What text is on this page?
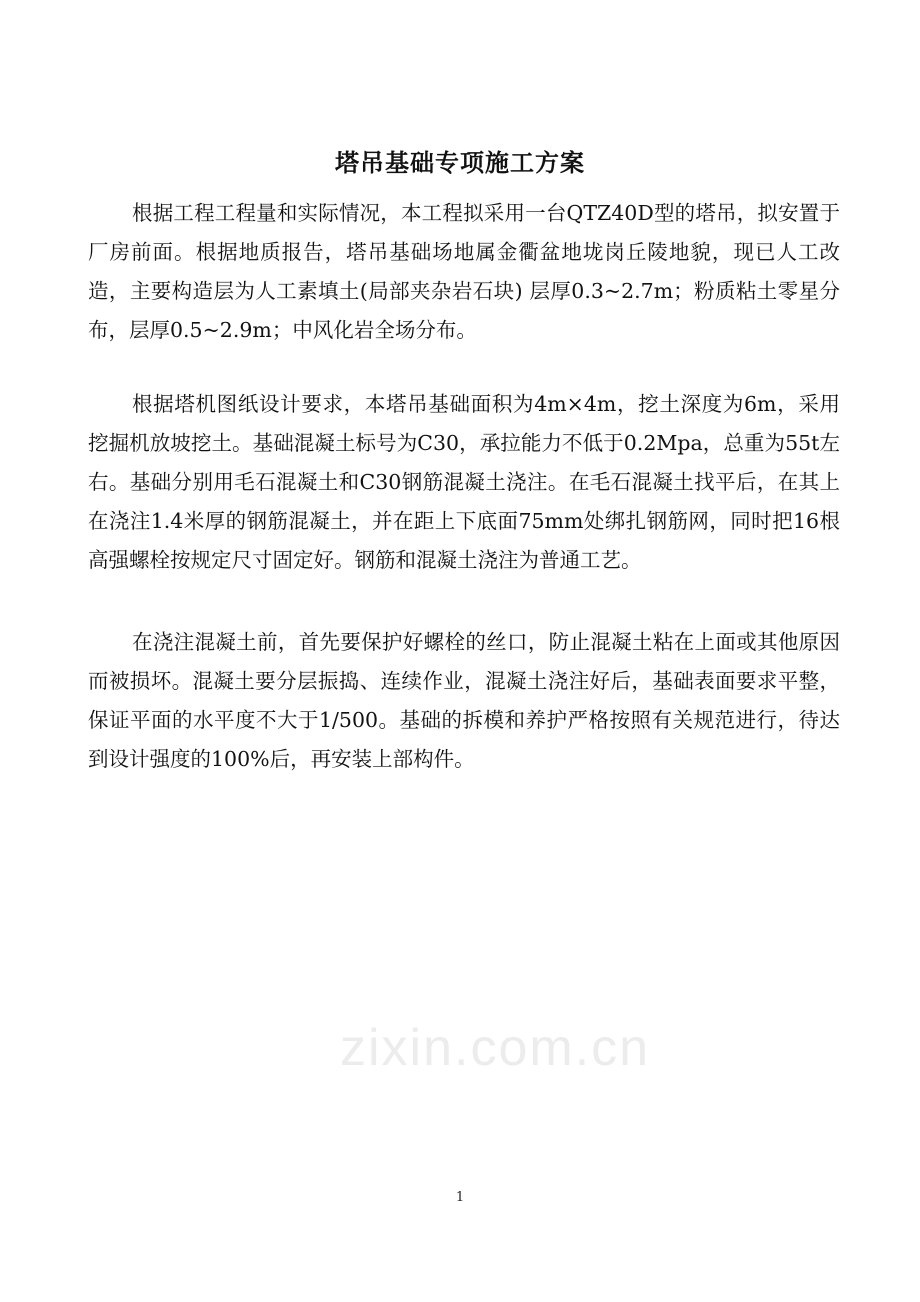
塔吊基础专项施工方案

根据工程工程量和实际情况，本工程拟采用一台QTZ40D型的塔吊，拟安置于厂房前面。根据地质报告，塔吊基础场地属金衢盆地垅岗丘陵地貌，现已人工改造，主要构造层为人工素填土(局部夹杂岩石块) 层厚0.3~2.7m；粉质粘土零星分布，层厚0.5~2.9m；中风化岩全场分布。

根据塔机图纸设计要求，本塔吊基础面积为4m×4m，挖土深度为6m，采用挖掘机放坡挖土。基础混凝土标号为C30，承拉能力不低于0.2Mpa，总重为55t左右。基础分别用毛石混凝土和C30钢筋混凝土浇注。在毛石混凝土找平后，在其上在浇注1.4米厚的钢筋混凝土，并在距上下底面75mm处绑扎钢筋网，同时把16根高强螺栓按规定尺寸固定好。钢筋和混凝土浇注为普通工艺。

在浇注混凝土前，首先要保护好螺栓的丝口，防止混凝土粘在上面或其他原因而被损坏。混凝土要分层振捣、连续作业，混凝土浇注好后，基础表面要求平整，保证平面的水平度不大于1/500。基础的拆模和养护严格按照有关规范进行，待达到设计强度的100%后，再安装上部构件。

zixin.com.cn
1
